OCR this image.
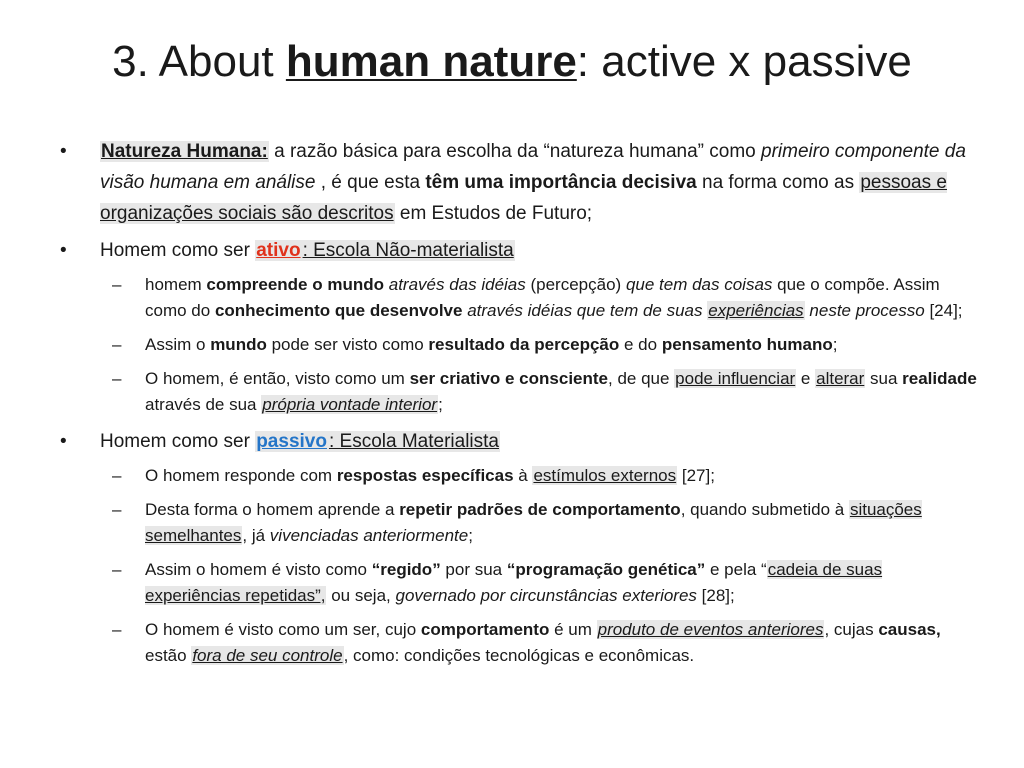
3. About human nature: active x passive
• Natureza Humana: a razão básica para escolha da “natureza humana” como primeiro componente da visão humana em análise , é que esta têm uma importância decisiva na forma como as pessoas e organizações sociais são descritos em Estudos de Futuro;
• Homem como ser ativo : Escola Não-materialista
– homem compreende o mundo através das idéias (percepção) que tem das coisas que o compõe. Assim como do conhecimento que desenvolve através idéias que tem de suas experiências neste processo [24];
– Assim o mundo pode ser visto como resultado da percepção e do pensamento humano;
– O homem, é então, visto como um ser criativo e consciente, de que pode influenciar e alterar sua realidade através de sua própria vontade interior;
• Homem como ser passivo : Escola Materialista
– O homem responde com respostas específicas à estímulos externos [27];
– Desta forma o homem aprende a repetir padrões de comportamento, quando submetido à situações semelhantes, já vivenciadas anteriormente;
– Assim o homem é visto como “regido” por sua “programação genética” e pela “cadeia de suas experiências repetidas”, ou seja, governado por circunstâncias exteriores [28];
– O homem é visto como um ser, cujo comportamento é um produto de eventos anteriores, cujas causas, estão fora de seu controle, como: condições tecnológicas e econômicas.
